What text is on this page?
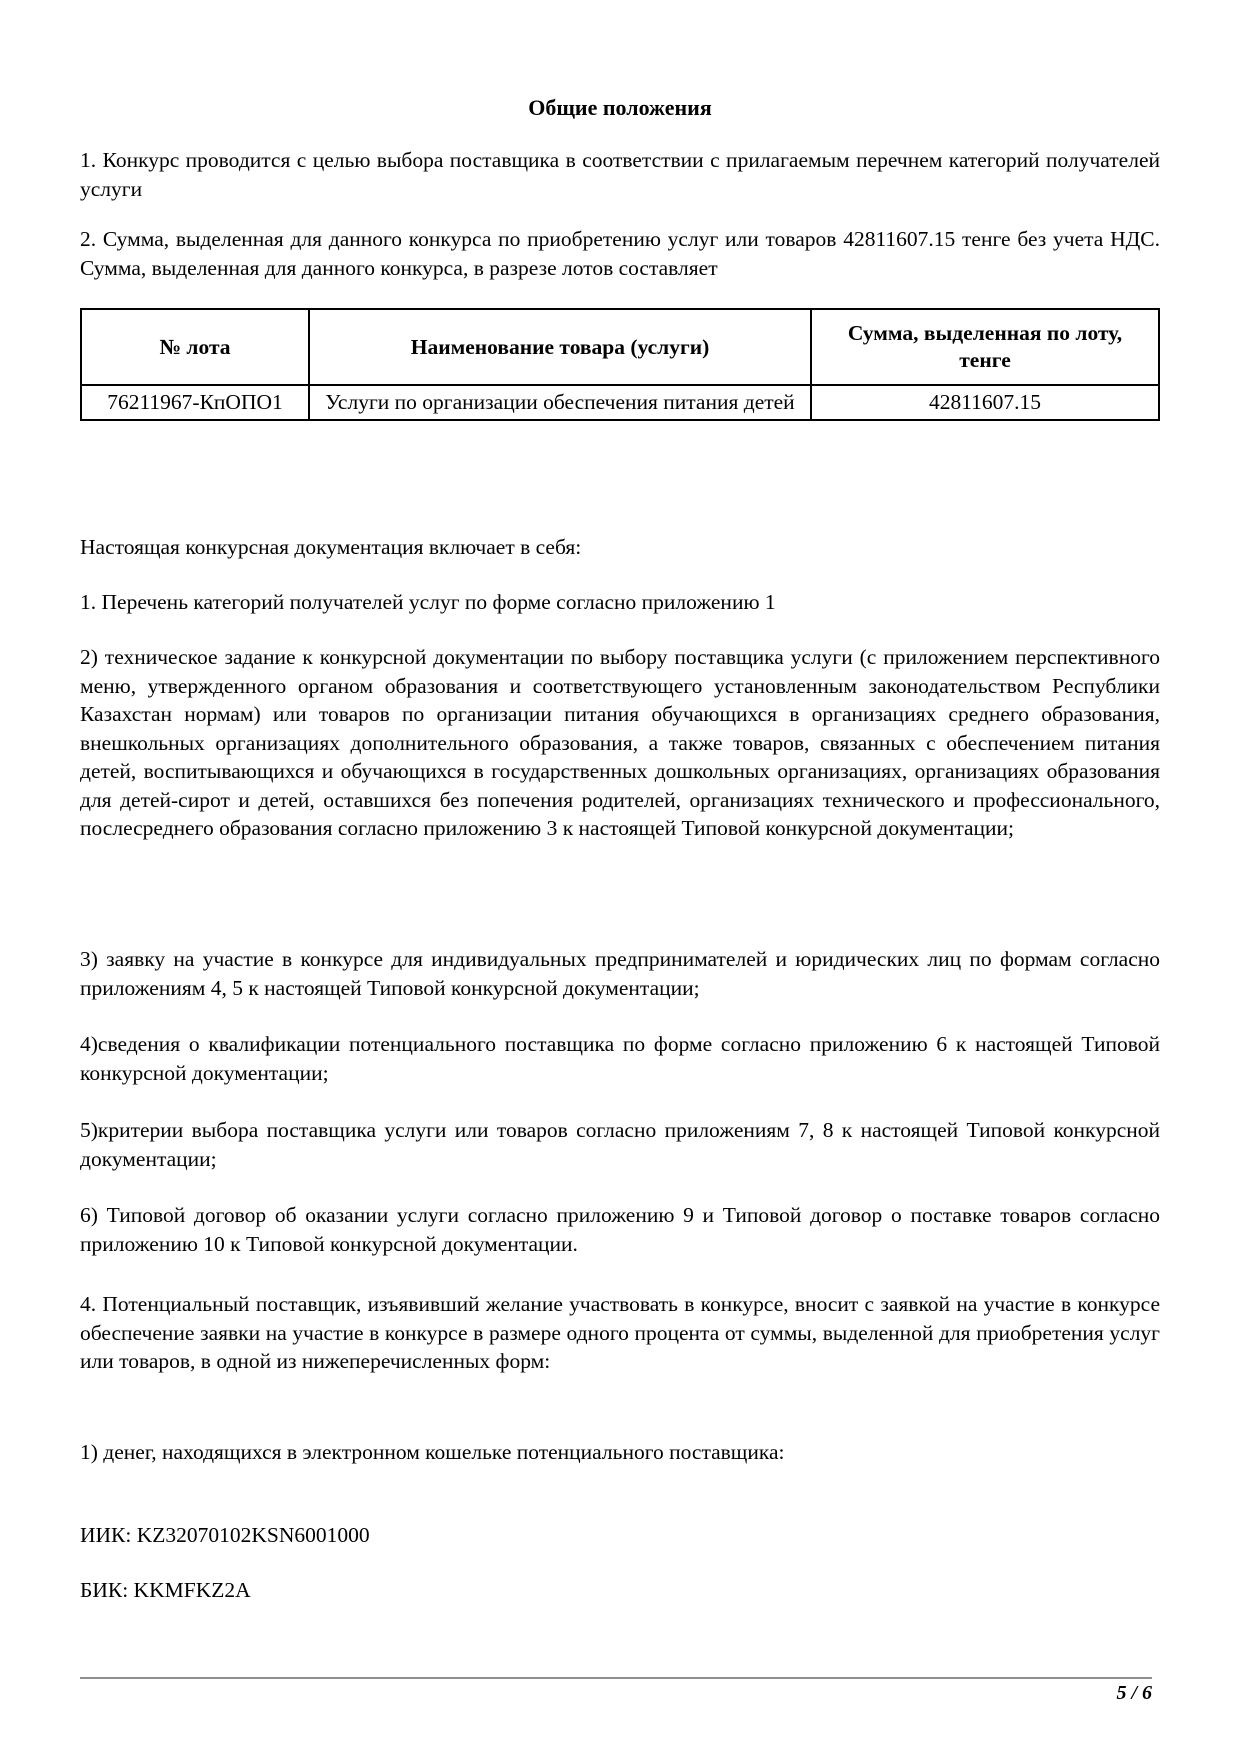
Общие положения
1. Конкурс проводится с целью выбора поставщика в соответствии с прилагаемым перечнем категорий получателей услуги
2. Сумма, выделенная для данного конкурса по приобретению услуг или товаров 42811607.15 тенге без учета НДС. Сумма, выделенная для данного конкурса, в разрезе лотов составляет
№ лота	Наименование товара (услуги)	Сумма, выделенная по лоту, тенге
76211967-КпОПО1	Услуги по организации обеспечения питания детей	42811607.15
Настоящая конкурсная документация включает в себя:
1. Перечень категорий получателей услуг по форме согласно приложению 1
2) техническое задание к конкурсной документации по выбору поставщика услуги (с приложением перспективного меню, утвержденного органом образования и соответствующего установленным законодательством Республики Казахстан нормам) или товаров по организации питания обучающихся в организациях среднего образования, внешкольных организациях дополнительного образования, а также товаров, связанных с обеспечением питания детей, воспитывающихся и обучающихся в государственных дошкольных организациях, организациях образования для детей-сирот и детей, оставшихся без попечения родителей, организациях технического и профессионального, послесреднего образования согласно приложению 3 к настоящей Типовой конкурсной документации;
3) заявку на участие в конкурсе для индивидуальных предпринимателей и юридических лиц по формам согласно приложениям 4, 5 к настоящей Типовой конкурсной документации;
4)сведения о квалификации потенциального поставщика по форме согласно приложению 6 к настоящей Типовой конкурсной документации;
5)критерии выбора поставщика услуги или товаров согласно приложениям 7, 8 к настоящей Типовой конкурсной документации;
6) Типовой договор об оказании услуги согласно приложению 9 и Типовой договор о поставке товаров согласно приложению 10 к Типовой конкурсной документации.
4. Потенциальный поставщик, изъявивший желание участвовать в конкурсе, вносит с заявкой на участие в конкурсе обеспечение заявки на участие в конкурсе в размере одного процента от суммы, выделенной для приобретения услуг или товаров, в одной из нижеперечисленных форм:
1) денег, находящихся в электронном кошельке потенциального поставщика:
ИИК: KZ32070102KSN6001000
БИК: KKMFKZ2A
5 / 6
